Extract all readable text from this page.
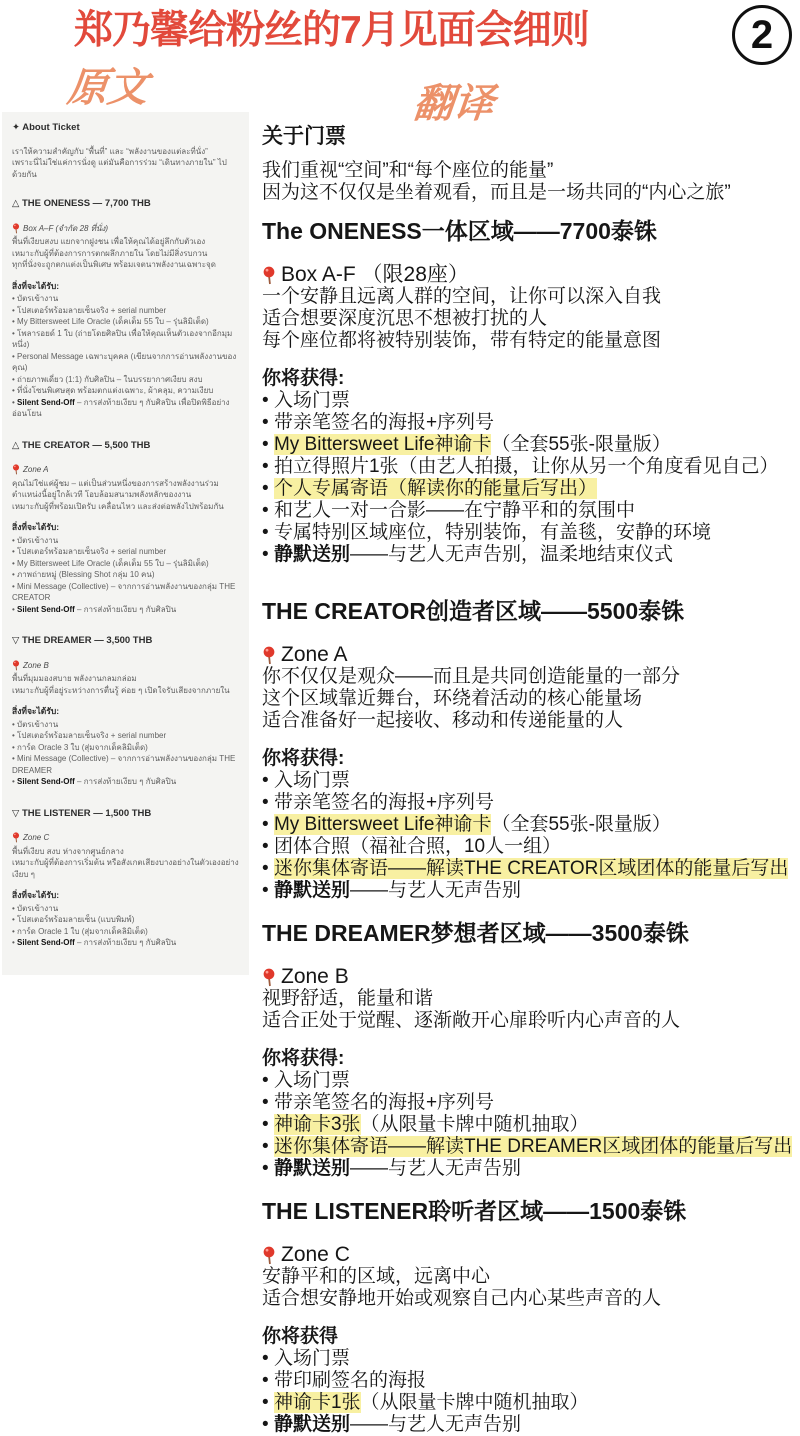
郑乃馨给粉丝的7月见面会细则	2
原文	翻译
✦ About Ticket

เราให้ความสำคัญกับ “พื้นที่” และ “พลังงานของแต่ละที่นั่ง”
เพราะนี่ไม่ใช่แค่การนั่งดู แต่มันคือการร่วม “เดินทางภายใน” ไปด้วยกัน

△ THE ONENESS — 7,700 THB
Box A–F (จำกัด 28 ที่นั่ง)

พื้นที่เงียบสงบ แยกจากฝูงชน เพื่อให้คุณได้อยู่ลึกกับตัวเอง
เหมาะกับผู้ที่ต้องการการตกผลึกภายใน โดยไม่มีสิ่งรบกวน
ทุกที่นั่งจะถูกตกแต่งเป็นพิเศษ พร้อมเจตนาพลังงานเฉพาะจุด

สิ่งที่จะได้รับ:
• บัตรเข้างาน
• โปสเตอร์พร้อมลายเซ็นจริง + serial number
• My Bittersweet Life Oracle (เด็คเต็ม 55 ใบ – รุ่นลิมิเต็ด)
• โพลารอยด์ 1 ใบ (ถ่ายโดยศิลปิน เพื่อให้คุณเห็นตัวเองจากอีกมุมหนึ่ง)
• Personal Message เฉพาะบุคคล (เขียนจากการอ่านพลังงานของคุณ)
• ถ่ายภาพเดี่ยว (1:1) กับศิลปิน – ในบรรยากาศเงียบ สงบ
• ที่นั่งโซนพิเศษสุด พร้อมตกแต่งเฉพาะ, ผ้าคลุม, ความเงียบ
• Silent Send-Off – การส่งท้ายเงียบ ๆ กับศิลปิน เพื่อปิดพิธีอย่างอ่อนโยน
△ THE CREATOR — 5,500 THB
Zone A

คุณไม่ใช่แค่ผู้ชม – แต่เป็นส่วนหนึ่งของการสร้างพลังงานร่วม
ตำแหน่งนี้อยู่ใกล้เวที โอบล้อมสนามพลังหลักของงาน
เหมาะกับผู้ที่พร้อมเปิดรับ เคลื่อนไหว และส่งต่อพลังไปพร้อมกัน

สิ่งที่จะได้รับ:
• บัตรเข้างาน
• โปสเตอร์พร้อมลายเซ็นจริง + serial number
• My Bittersweet Life Oracle (เด็คเต็ม 55 ใบ – รุ่นลิมิเต็ด)
• ภาพถ่ายหมู่ (Blessing Shot กลุ่ม 10 คน)
• Mini Message (Collective) – จากการอ่านพลังงานของกลุ่ม THE CREATOR
• Silent Send-Off – การส่งท้ายเงียบ ๆ กับศิลปิน
▽ THE DREAMER — 3,500 THB
Zone B

พื้นที่มุมมองสบาย พลังงานกลมกล่อม
เหมาะกับผู้ที่อยู่ระหว่างการตื่นรู้ ค่อย ๆ เปิดใจรับเสียงจากภายใน

สิ่งที่จะได้รับ:
• บัตรเข้างาน
• โปสเตอร์พร้อมลายเซ็นจริง + serial number
• การ์ด Oracle 3 ใบ (สุ่มจากเด็คลิมิเต็ด)
• Mini Message (Collective) – จากการอ่านพลังงานของกลุ่ม THE DREAMER
• Silent Send-Off – การส่งท้ายเงียบ ๆ กับศิลปิน
▽ THE LISTENER — 1,500 THB
Zone C

พื้นที่เงียบ สงบ ห่างจากศูนย์กลาง
เหมาะกับผู้ที่ต้องการเริ่มต้น หรือสังเกตเสียงบางอย่างในตัวเองอย่างเงียบ ๆ

สิ่งที่จะได้รับ:
• บัตรเข้างาน
• โปสเตอร์พร้อมลายเซ็น (แบบพิมพ์)
• การ์ด Oracle 1 ใบ (สุ่มจากเด็คลิมิเต็ด)
• Silent Send-Off – การส่งท้ายเงียบ ๆ กับศิลปิน
关于门票

我们重视“空间”和“每个座位的能量”
因为这不仅仅是坐着观看，而且是一场共同的“内心之旅”

The ONENESS一体区域——7700泰铢
Box A-F （限28座）

一个安静且远离人群的空间，让你可以深入自我
适合想要深度沉思不想被打扰的人
每个座位都将被特别装饰，带有特定的能量意图

你将获得:
• 入场门票
• 带亲笔签名的海报+序列号
• My Bittersweet Life神谕卡（全套55张-限量版）
• 拍立得照片1张（由艺人拍摄，让你从另一个角度看见自己）
• 个人专属寄语（解读你的能量后写出）
• 和艺人一对一合影——在宁静平和的氛围中
• 专属特别区域座位，特别装饰，有盖毯，安静的环境
• 静默送别——与艺人无声告别，温柔地结束仪式
THE CREATOR创造者区域——5500泰铢
Zone A

你不仅仅是观众——而且是共同创造能量的一部分
这个区域靠近舞台，环绕着活动的核心能量场
适合准备好一起接收、移动和传递能量的人

你将获得:
• 入场门票
• 带亲笔签名的海报+序列号
• My Bittersweet Life神谕卡（全套55张-限量版）
• 团体合照（福祉合照，10人一组）
• 迷你集体寄语——解读THE CREATOR区域团体的能量后写出
• 静默送别——与艺人无声告别
THE DREAMER梦想者区域——3500泰铢
Zone B

视野舒适，能量和谐
适合正处于觉醒、逐渐敞开心扉聆听内心声音的人

你将获得:
• 入场门票
• 带亲笔签名的海报+序列号
• 神谕卡3张（从限量卡牌中随机抽取）
• 迷你集体寄语——解读THE DREAMER区域团体的能量后写出
• 静默送别——与艺人无声告别
THE LISTENER聆听者区域——1500泰铢
Zone C

安静平和的区域，远离中心
适合想安静地开始或观察自己内心某些声音的人

你将获得
• 入场门票
• 带印刷签名的海报
• 神谕卡1张（从限量卡牌中随机抽取）
• 静默送别——与艺人无声告别
